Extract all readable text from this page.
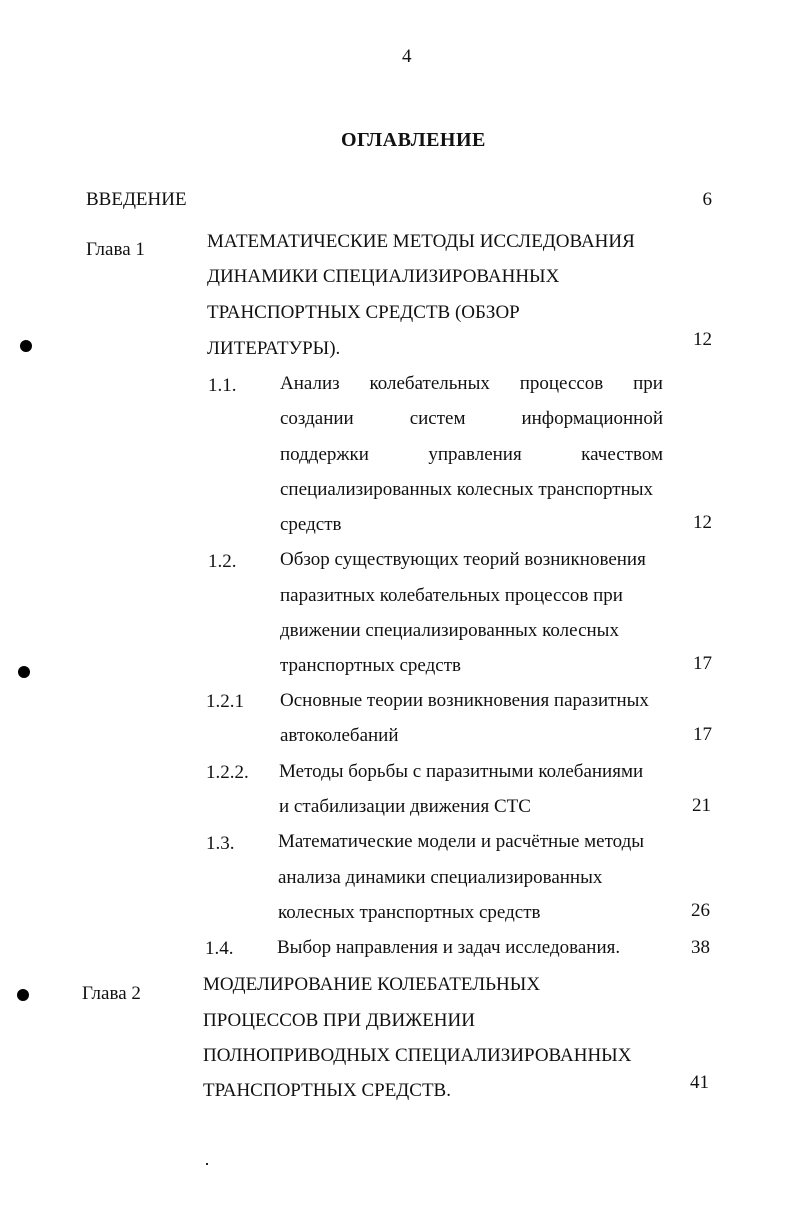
4
ОГЛАВЛЕНИЕ
ВВЕДЕНИЕ	6
Глава 1	МАТЕМАТИЧЕСКИЕ МЕТОДЫ ИССЛЕДОВАНИЯ
ДИНАМИКИ СПЕЦИАЛИЗИРОВАННЫХ
ТРАНСПОРТНЫХ СРЕДСТВ (ОБЗОР
ЛИТЕРАТУРЫ).	12
1.1. Анализ колебательных процессов при
создании	систем	информационной
поддержки	управления	качеством
специализированных колесных транспортных
средств	12
1.2. Обзор существующих теорий возникновения
паразитных колебательных процессов при
движении специализированных колесных
транспортных средств	17
1.2.1 Основные теории возникновения паразитных
автоколебаний	17
1.2.2. Методы борьбы с паразитными колебаниями
и стабилизации движения СТС	21
1.3. Математические модели и расчётные методы
анализа динамики специализированных
колесных транспортных средств	26
1.4. Выбор направления и задач исследования.	38
Глава 2	МОДЕЛИРОВАНИЕ КОЛЕБАТЕЛЬНЫХ
ПРОЦЕССОВ ПРИ ДВИЖЕНИИ
ПОЛНОПРИВОДНЫХ СПЕЦИАЛИЗИРОВАННЫХ
ТРАНСПОРТНЫХ СРЕДСТВ.	41
